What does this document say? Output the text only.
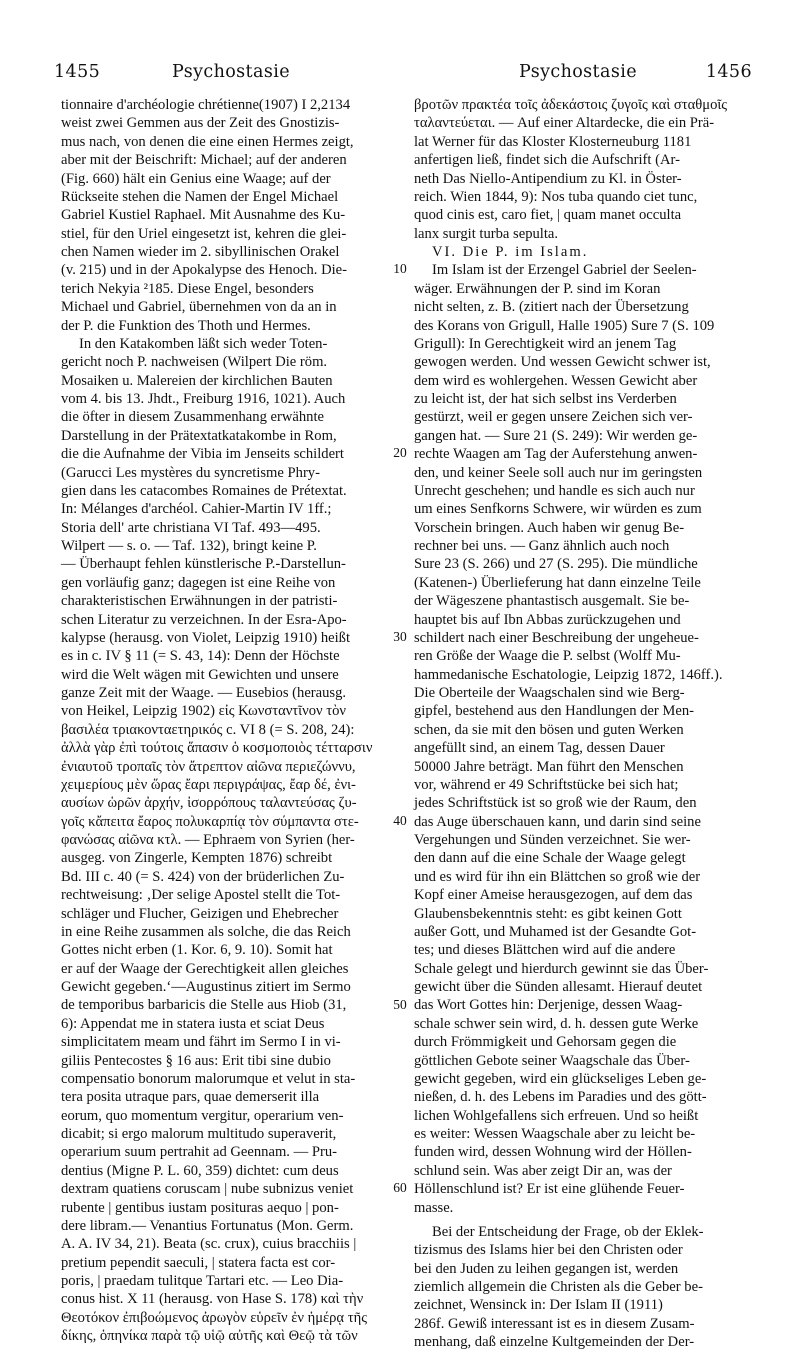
1455	Psychostasie	Psychostasie	1456
tionnaire d'archéologie chrétienne(1907) I 2,2134
weist zwei Gemmen aus der Zeit des Gnostizis-
mus nach, von denen die eine einen Hermes zeigt,
aber mit der Beischrift: Michael; auf der anderen
(Fig. 660) hält ein Genius eine Waage; auf der
Rückseite stehen die Namen der Engel Michael
Gabriel Kustiel Raphael. Mit Ausnahme des Ku-
stiel, für den Uriel eingesetzt ist, kehren die glei-
chen Namen wieder im 2. sibyllinischen Orakel
(v. 215) und in der Apokalypse des Henoch. Die-
terich Nekyia ²185. Diese Engel, besonders
Michael und Gabriel, übernehmen von da an in
der P. die Funktion des Thoth und Hermes.
In den Katakomben läßt sich weder Toten-
gericht noch P. nachweisen (Wilpert Die röm.
Mosaiken u. Malereien der kirchlichen Bauten
vom 4. bis 13. Jhdt., Freiburg 1916, 1021). Auch
die öfter in diesem Zusammenhang erwähnte
Darstellung in der Prätextatkatakombe in Rom,
die die Aufnahme der Vibia im Jenseits schildert
(Garucci Les mystères du syncretisme Phry-
gien dans les catacombes Romaines de Prétextat.
In: Mélanges d'archéol. Cahier-Martin IV 1ff.;
Storia dell' arte christiana VI Taf. 493—495.
Wilpert — s. o. — Taf. 132), bringt keine P.
— Überhaupt fehlen künstlerische P.-Darstellun-
gen vorläufig ganz; dagegen ist eine Reihe von
charakteristischen Erwähnungen in der patristi-
schen Literatur zu verzeichnen. In der Esra-Apo-
kalypse (herausg. von Violet, Leipzig 1910) heißt
es in c. IV § 11 (= S. 43, 14): Denn der Höchste
wird die Welt wägen mit Gewichten und unsere
ganze Zeit mit der Waage. — Eusebios (herausg.
von Heikel, Leipzig 1902) εἰς Κωνσταντῖνον τὸν
βασιλέα τριακονταετηρικός c. VI 8 (= S. 208, 24):
ἀλλὰ γὰρ ἐπὶ τούτοις ἅπασιν ὁ κοσμοποιὸς τέτταρσιν
ἐνιαυτοῦ τροπαῖς τὸν ἄτρεπτον αἰῶνα περιεζώννυ,
χειμερίους μὲν ὥρας ἔαρι περιγράψας, ἔαρ δέ, ἐνι-
αυσίων ὡρῶν ἀρχήν, ἰσορρόπους ταλαντεύσας ζυ-
γοῖς κἄπειτα ἔαρος πολυκαρπίᾳ τὸν σύμπαντα στε-
φανώσας αἰῶνα κτλ. — Ephraem von Syrien (her-
ausgeg. von Zingerle, Kempten 1876) schreibt
Bd. III c. 40 (= S. 424) von der brüderlichen Zu-
rechtweisung: ‚Der selige Apostel stellt die Tot-
schläger und Flucher, Geizigen und Ehebrecher
in eine Reihe zusammen als solche, die das Reich
Gottes nicht erben (1. Kor. 6, 9. 10). Somit hat
er auf der Waage der Gerechtigkeit allen gleiches
Gewicht gegeben.‘—Augustinus zitiert im Sermo
de temporibus barbaricis die Stelle aus Hiob (31,
6): Appendat me in statera iusta et sciat Deus
simplicitatem meam und fährt im Sermo I in vi-
giliis Pentecostes § 16 aus: Erit tibi sine dubio
compensatio bonorum malorumque et velut in sta-
tera posita utraque pars, quae demerserit illa
eorum, quo momentum vergitur, operarium ven-
dicabit; si ergo malorum multitudo superaverit,
operarium suum pertrahit ad Geennam. — Pru-
dentius (Migne P. L. 60, 359) dichtet: cum deus
dextram quatiens coruscam | nube subnizus veniet
rubente | gentibus iustam posituras aequo | pon-
dere libram.— Venantius Fortunatus (Mon. Germ.
A. A. IV 34, 21). Beata (sc. crux), cuius bracchiis |
pretium pependit saeculi, | statera facta est cor-
poris, | praedam tulitque Tartari etc. — Leo Dia-
conus hist. X 11 (herausg. von Hase S. 178) καὶ τὴν
Θεοτόκον ἐπιβοώμενος ἀρωγὸν εὑρεῖν ἐν ἡμέρᾳ τῆς
δίκης, ὁπηνίκα παρὰ τῷ υἱῷ αὐτῆς καὶ Θεῷ τὰ τῶν
βροτῶν πρακτέα τοῖς ἀδεκάστοις ζυγοῖς καὶ σταθμοῖς
ταλαντεύεται. — Auf einer Altardecke, die ein Prä-
lat Werner für das Kloster Klosterneuburg 1181
anfertigen ließ, findet sich die Aufschrift (Ar-
neth Das Niello-Antipendium zu Kl. in Öster-
reich. Wien 1844, 9): Nos tuba quando ciet tunc,
quod cinis est, caro fiet, | quam manet occulta
lanx surgit turba sepulta.
VI. Die P. im Islam.
Im Islam ist der Erzengel Gabriel der Seelen-
wäger. Erwähnungen der P. sind im Koran
nicht selten, z. B. (zitiert nach der Übersetzung
des Korans von Grigull, Halle 1905) Sure 7 (S. 109
Grigull): In Gerechtigkeit wird an jenem Tag
gewogen werden. Und wessen Gewicht schwer ist,
dem wird es wohlergehen. Wessen Gewicht aber
zu leicht ist, der hat sich selbst ins Verderben
gestürzt, weil er gegen unsere Zeichen sich ver-
gangen hat. — Sure 21 (S. 249): Wir werden ge-
rechte Waagen am Tag der Auferstehung anwen-
den, und keiner Seele soll auch nur im geringsten
Unrecht geschehen; und handle es sich auch nur
um eines Senfkorns Schwere, wir würden es zum
Vorschein bringen. Auch haben wir genug Be-
rechner bei uns. — Ganz ähnlich auch noch
Sure 23 (S. 266) und 27 (S. 295). Die mündliche
(Katenen-) Überlieferung hat dann einzelne Teile
der Wägeszene phantastisch ausgemalt. Sie be-
hauptet bis auf Ibn Abbas zurückzugehen und
schildert nach einer Beschreibung der ungeheue-
ren Größe der Waage die P. selbst (Wolff Mu-
hammedanische Eschatologie, Leipzig 1872, 146ff.).
Die Oberteile der Waagschalen sind wie Berg-
gipfel, bestehend aus den Handlungen der Men-
schen, da sie mit den bösen und guten Werken
angefüllt sind, an einem Tag, dessen Dauer
50000 Jahre beträgt. Man führt den Menschen
vor, während er 49 Schriftstücke bei sich hat;
jedes Schriftstück ist so groß wie der Raum, den
das Auge überschauen kann, und darin sind seine
Vergehungen und Sünden verzeichnet. Sie wer-
den dann auf die eine Schale der Waage gelegt
und es wird für ihn ein Blättchen so groß wie der
Kopf einer Ameise herausgezogen, auf dem das
Glaubensbekenntnis steht: es gibt keinen Gott
außer Gott, und Muhamed ist der Gesandte Got-
tes; und dieses Blättchen wird auf die andere
Schale gelegt und hierdurch gewinnt sie das Über-
gewicht über die Sünden allesamt. Hierauf deutet
das Wort Gottes hin: Derjenige, dessen Waag-
schale schwer sein wird, d. h. dessen gute Werke
durch Frömmigkeit und Gehorsam gegen die
göttlichen Gebote seiner Waagschale das Über-
gewicht gegeben, wird ein glückseliges Leben ge-
nießen, d. h. des Lebens im Paradies und des gött-
lichen Wohlgefallens sich erfreuen. Und so heißt
es weiter: Wessen Waagschale aber zu leicht be-
funden wird, dessen Wohnung wird der Höllen-
schlund sein. Was aber zeigt Dir an, was der
Höllenschlund ist? Er ist eine glühende Feuer-
masse.
Bei der Entscheidung der Frage, ob der Eklek-
tizismus des Islams hier bei den Christen oder
bei den Juden zu leihen gegangen ist, werden
ziemlich allgemein die Christen als die Geber be-
zeichnet, Wensinck in: Der Islam II (1911)
286f. Gewiß interessant ist es in diesem Zusam-
menhang, daß einzelne Kultgemeinden der Der-
10
20
30
40
50
60
